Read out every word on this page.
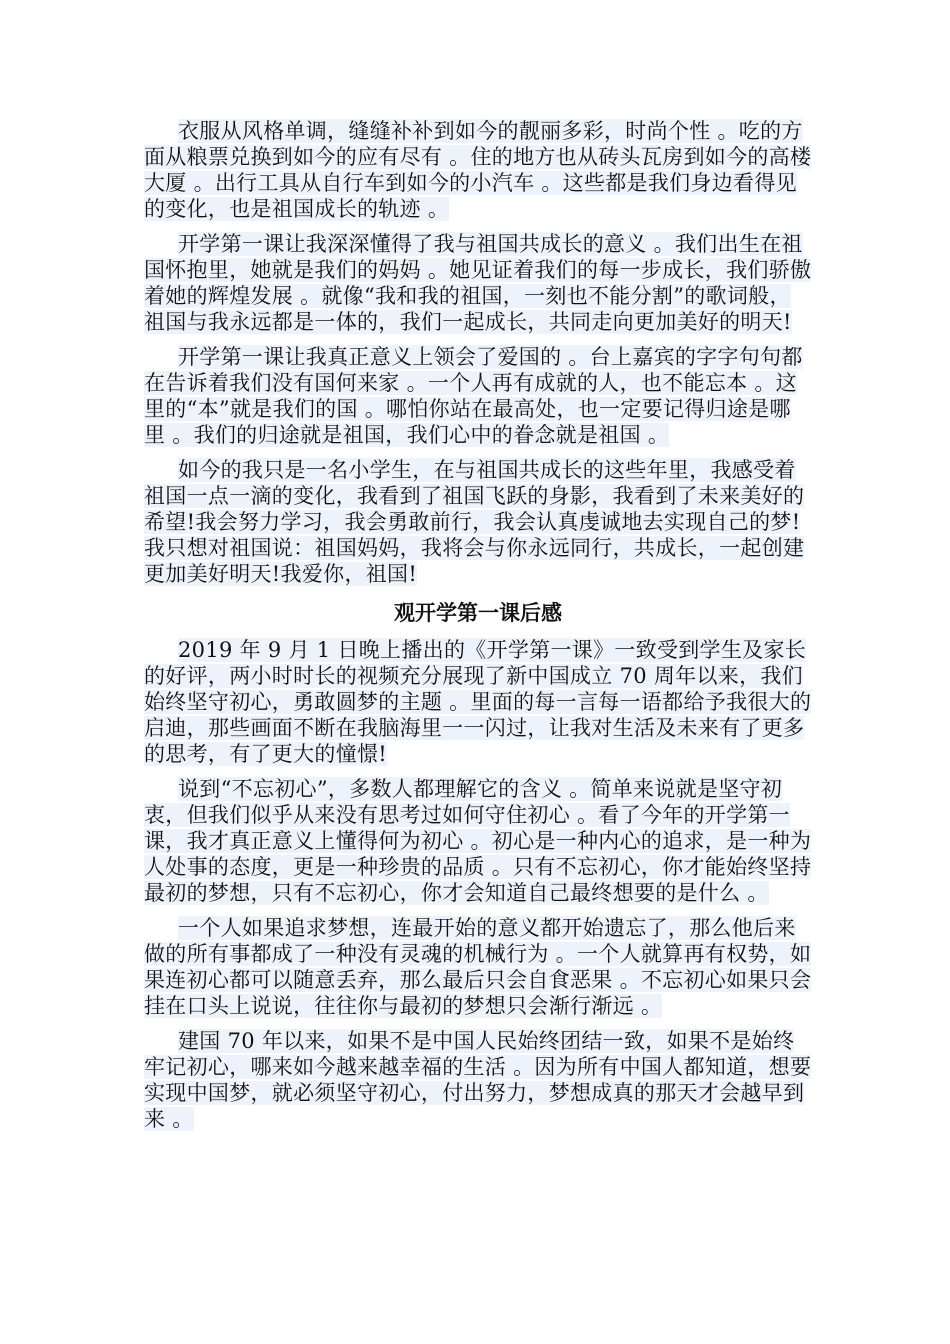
衣服从风格单调，缝缝补补到如今的靓丽多彩，时尚个性 。吃的方面从粮票兑换到如今的应有尽有 。住的地方也从砖头瓦房到如今的高楼大厦 。出行工具从自行车到如今的小汽车 。这些都是我们身边看得见的变化，也是祖国成长的轨迹 。

开学第一课让我深深懂得了我与祖国共成长的意义 。我们出生在祖国怀抱里，她就是我们的妈妈 。她见证着我们的每一步成长，我们骄傲着她的辉煌发展 。就像“我和我的祖国，一刻也不能分割”的歌词般，祖国与我永远都是一体的，我们一起成长，共同走向更加美好的明天!

开学第一课让我真正意义上领会了爱国的 。台上嘉宾的字字句句都在告诉着我们没有国何来家 。一个人再有成就的人，也不能忘本 。这里的“本”就是我们的国 。哪怕你站在最高处，也一定要记得归途是哪里 。我们的归途就是祖国，我们心中的眷念就是祖国 。

如今的我只是一名小学生，在与祖国共成长的这些年里，我感受着祖国一点一滴的变化，我看到了祖国飞跃的身影，我看到了未来美好的希望!我会努力学习，我会勇敢前行，我会认真虔诚地去实现自己的梦!我只想对祖国说：祖国妈妈，我将会与你永远同行，共成长，一起创建更加美好明天!我爱你，祖国!

观开学第一课后感

2019 年 9 月 1 日晚上播出的《开学第一课》一致受到学生及家长的好评，两小时时长的视频充分展现了新中国成立 70 周年以来，我们始终坚守初心，勇敢圆梦的主题 。里面的每一言每一语都给予我很大的启迪，那些画面不断在我脑海里一一闪过，让我对生活及未来有了更多的思考，有了更大的憧憬!

说到“不忘初心”，多数人都理解它的含义 。简单来说就是坚守初衷，但我们似乎从来没有思考过如何守住初心 。看了今年的开学第一课，我才真正意义上懂得何为初心 。初心是一种内心的追求，是一种为人处事的态度，更是一种珍贵的品质 。只有不忘初心，你才能始终坚持最初的梦想，只有不忘初心，你才会知道自己最终想要的是什么 。

一个人如果追求梦想，连最开始的意义都开始遗忘了，那么他后来做的所有事都成了一种没有灵魂的机械行为 。一个人就算再有权势，如果连初心都可以随意丢弃，那么最后只会自食恶果 。不忘初心如果只会挂在口头上说说，往往你与最初的梦想只会渐行渐远 。

建国 70 年以来，如果不是中国人民始终团结一致，如果不是始终牢记初心，哪来如今越来越幸福的生活 。因为所有中国人都知道，想要实现中国梦，就必须坚守初心，付出努力，梦想成真的那天才会越早到来 。
